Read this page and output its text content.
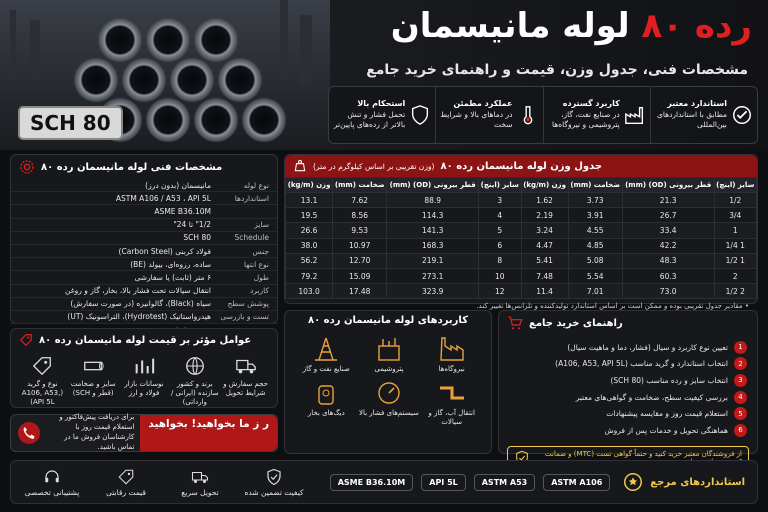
SCH 80
رده ۸۰ لوله مانیسمان
مشخصات فنی، جدول وزن، قیمت و راهنمای خرید جامع
استاندارد معتبر
مطابق با استانداردهای بین‌المللی
کاربرد گسترده
در صنایع نفت، گاز، پتروشیمی و نیروگاه‌ها
عملکرد مطمئن
در دماهای بالا و شرایط سخت
استحکام بالا
تحمل فشار و تنش بالاتر از رده‌های پایین‌تر
مشخصات فنی لوله مانیسمان رده ۸۰
نوع لوله
مانیسمان (بدون درز)
استانداردها
ASTM A106 / A53 ، API 5L
ASME B36.10M
سایز
1/2" تا 24"
Schedule
SCH 80
جنس
فولاد کربنی (Carbon Steel)
نوع انتها
ساده، رزوه‌ای، بیولد (BE)
طول
۶ متر (ثابت) یا سفارشی
کاربرد
انتقال سیالات تحت فشار بالا، بخار، گاز و روغن
پوشش سطح
سیاه (Black)، گالوانیزه (در صورت سفارش)
تست و بازرسی
هیدرواستاتیک (Hydrotest)، التراسونیک (UT)
جدول وزن لوله مانیسمان رده ۸۰
(وزن تقریبی بر اساس کیلوگرم در متر)
سایز (اینچ)	قطر بیرونی (OD) (mm)	ضخامت (mm)	وزن (kg/m)	سایز (اینچ)	قطر بیرونی (OD) (mm)	ضخامت (mm)	وزن (kg/m)
1/2	21.3	3.73	1.62	3	88.9	7.62	13.1
3/4	26.7	3.91	2.19	4	114.3	8.56	19.5
1	33.4	4.55	3.24	5	141.3	9.53	26.6
1 1/4	42.2	4.85	4.47	6	168.3	10.97	38.0
1 1/2	48.3	5.08	5.41	8	219.1	12.70	56.2
2	60.3	5.54	7.48	10	273.1	15.09	79.2
2 1/2	73.0	7.01	11.4	12	323.9	17.48	103.0
• مقادیر جدول تقریبی بوده و ممکن است بر اساس استاندارد تولیدکننده و تلرانس‌ها تغییر کند.
عوامل مؤثر بر قیمت لوله مانیسمان رده ۸۰
حجم سفارش و شرایط تحویل
برند و کشور سازنده (ایرانی / وارداتی)
نوسانات بازار فولاد و ارز
سایز و ضخامت (قطر و SCH)
نوع و گرید (A106, A53, API 5L)
ر ز ما بخواهید! بخواهید
برای دریافت پیش‌فاکتور و استعلام قیمت روز با کارشناسان فروش ما در تماس باشید.
کاربردهای لوله مانیسمان رده ۸۰
نیروگاه‌ها
پتروشیمی
صنایع نفت و گاز
انتقال آب، گاز و سیالات
سیستم‌های فشار بالا
دیگ‌های بخار
راهنمای خرید جامع
1
تعیین نوع کاربرد و سیال (فشار، دما و ماهیت سیال)
2
انتخاب استاندارد و گرید مناسب (A106, A53, API 5L)
3
انتخاب سایز و رده مناسب (SCH 80)
4
بررسی کیفیت سطح، ضخامت و گواهی‌های معتبر
5
استعلام قیمت روز و مقایسه پیشنهادات
6
هماهنگی تحویل و خدمات پس از فروش
از فروشندگان معتبر خرید کنید و حتماً گواهی تست (MTC) و ضمانت
استانداردهای مرجع
ASTM A106
ASTM A53
API 5L
ASME B36.10M
کیفیت تضمین شده
تحویل سریع
قیمت رقابتی
پشتیبانی تخصصی
